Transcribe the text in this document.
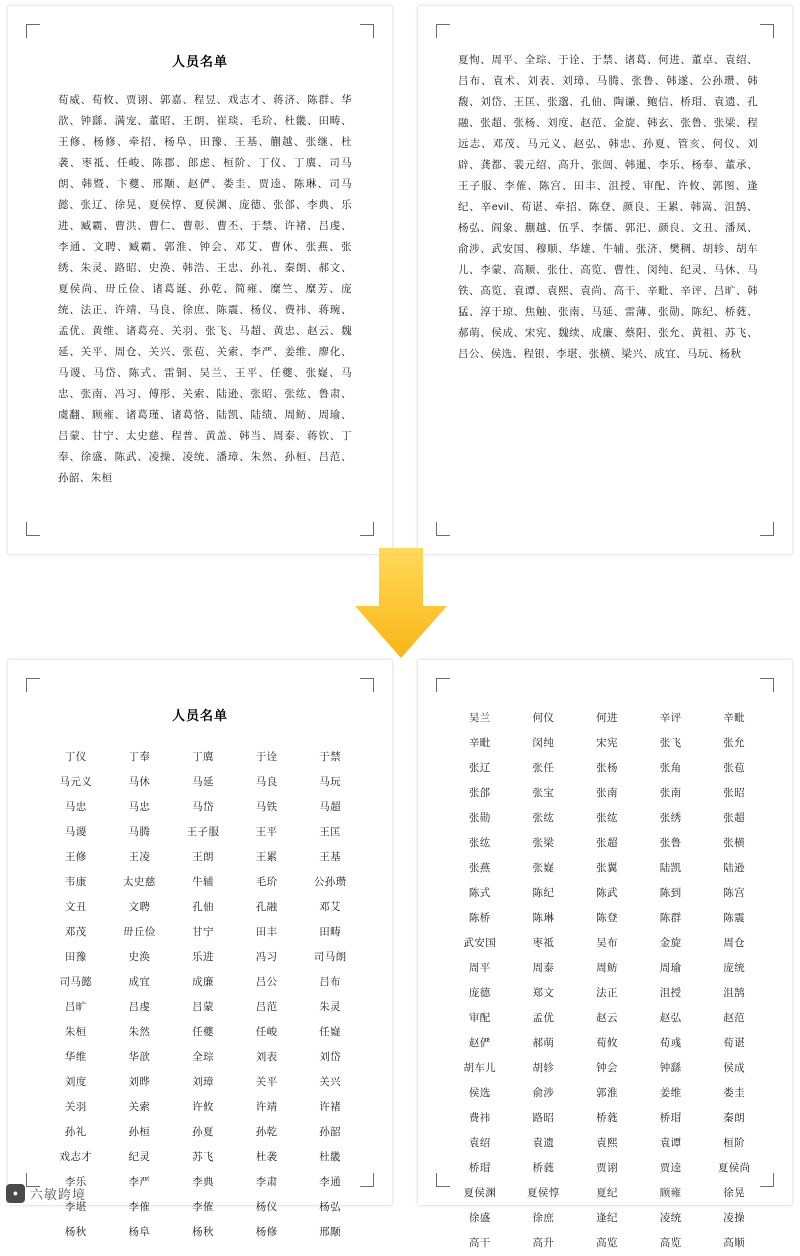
人员名单
荀威、荀攸、贾诩、郭嘉、程昱、戏志才、蒋济、陈群、华歆、钟繇、满宠、董昭、王朗、崔琰、毛玠、杜畿、田畴、王修、杨修、牵招、杨阜、田豫、王基、蒯越、张继、杜袭、枣祗、任峻、陈郡、郎虑、桓阶、丁仪、丁廙、司马朗、韩暨、卞夔、邢颙、赵俨、娄圭、贾逵、陈琳、司马懿、张辽、徐晃、夏侯惇、夏侯渊、庞德、张郃、李典、乐进、臧霸、曹洪、曹仁、曹彰、曹丕、于禁、许褚、吕虔、李通、文聘、臧霸、郭淮、钟会、邓艾、曹休、张燕、张绣、朱灵、路昭、史涣、韩浩、王忠、孙礼、秦朗、郝文、夏侯尚、毌丘俭、诸葛诞、孙乾、简雍、糜竺、糜芳、庞统、法正、许靖、马良、徐庶、陈震、杨仪、费祎、蒋琬、孟优、黄维、诸葛亮、关羽、张飞、马超、黄忠、赵云、魏延、关平、周仓、关兴、张苞、关索、李严、姜维、廖化、马谡、马岱、陈式、雷铜、吴兰、王平、任夔、张嶷、马忠、张南、冯习、傅彤、关索、陆逊、张昭、张纮、鲁肃、虞翻、顾雍、诸葛瑾、诸葛恪、陆凯、陆绩、周鲂、周瑜、吕蒙、甘宁、太史慈、程普、黄盖、韩当、周泰、蒋钦、丁奉、徐盛、陈武、凌操、凌统、潘璋、朱然、孙桓、吕范、孙韶、朱桓
夏恂、周平、全琮、于诠、于禁、诸葛、何进、董卓、袁绍、吕布、袁术、刘表、刘璋、马腾、张鲁、韩遂、公孙瓒、韩馥、刘岱、王匡、张邈、孔伷、陶谦、鲍信、桥瑁、袁遗、孔融、张超、张杨、刘度、赵范、金旋、韩玄、张鲁、张梁、程远志、邓茂、马元义、赵弘、韩忠、孙夏、管亥、何仪、刘辟、龚都、裴元绍、高升、张闿、韩暹、李乐、杨奉、董承、王子服、李傕、陈宫、田丰、沮授、审配、许攸、郭图、逢纪、辛evil、荀谌、牵招、陈登、颜良、王累、韩嵩、沮鹄、杨弘、阎象、蒯越、伍孚、李儒、郭汜、颜良、文丑、潘凤、俞涉、武安国、穆顺、华雄、牛辅、张济、樊稠、胡轸、胡车儿、李蒙、高顺、张仕、高览、曹性、闵纯、纪灵、马休、马铁、高览、袁谭、袁熙、袁尚、高干、辛毗、辛评、吕旷、韩猛、淳于琼、焦触、张南、马延、雷薄、张勋、陈纪、桥蕤、郝萌、侯成、宋宪、魏续、成廉、蔡阳、张允、黄祖、苏飞、吕公、侯选、程银、李堪、张横、梁兴、成宜、马玩、杨秋
人员名单
丁仪	丁奉	丁廙	于诠	于禁
马元义	马休	马延	马良	马玩
马忠	马忠	马岱	马铁	马超
马谡	马腾	王子服	王平	王匡
王修	王凌	王朗	王累	王基
韦康	太史慈	牛辅	毛玠	公孙瓒
文丑	文聘	孔伷	孔融	邓艾
邓茂	毌丘俭	甘宁	田丰	田畴
田豫	史涣	乐进	冯习	司马朗
司马懿	成宜	成廉	吕公	吕布
吕旷	吕虔	吕蒙	吕范	朱灵
朱桓	朱然	任夔	任峻	任嶷
华维	华歆	全琮	刘表	刘岱
刘度	刘晔	刘璋	关平	关兴
关羽	关索	许攸	许靖	许褚
孙礼	孙桓	孙夏	孙乾	孙韶
戏志才	纪灵	苏飞	杜袭	杜畿
李乐	李严	李典	李肃	李通
李堪	李傕	李傕	杨仪	杨弘
杨秋	杨阜	杨秋	杨修	邢颙
吴兰	何仪	何进	辛评	辛毗
辛毗	闵纯	宋宪	张飞	张允
张辽	张任	张杨	张角	张苞
张郃	张宝	张南	张南	张昭
张勋	张纮	张纮	张绣	张超
张纮	张梁	张超	张鲁	张横
张燕	张嶷	张翼	陆凯	陆逊
陈式	陈纪	陈武	陈到	陈宫
陈桥	陈琳	陈登	陈群	陈震
武安国	枣祗	吴布	金旋	周仓
周平	周泰	周鲂	周瑜	庞统
庞德	郑文	法正	沮授	沮鹄
审配	孟优	赵云	赵弘	赵范
赵俨	郝萌	荀攸	荀彧	荀谌
胡车儿	胡轸	钟会	钟繇	侯成
侯选	俞涉	郭淮	姜维	娄圭
费祎	路昭	桥蕤	桥瑁	秦朗
袁绍	袁遗	袁熙	袁谭	桓阶
桥瑁	桥蕤	贾诩	贾逵	夏侯尚
夏侯渊	夏侯惇	夏纪	顾雍	徐晃
徐盛	徐庶	逢纪	凌统	凌操
高干	高升	高览	高览	高顺
● 六敏跨境
